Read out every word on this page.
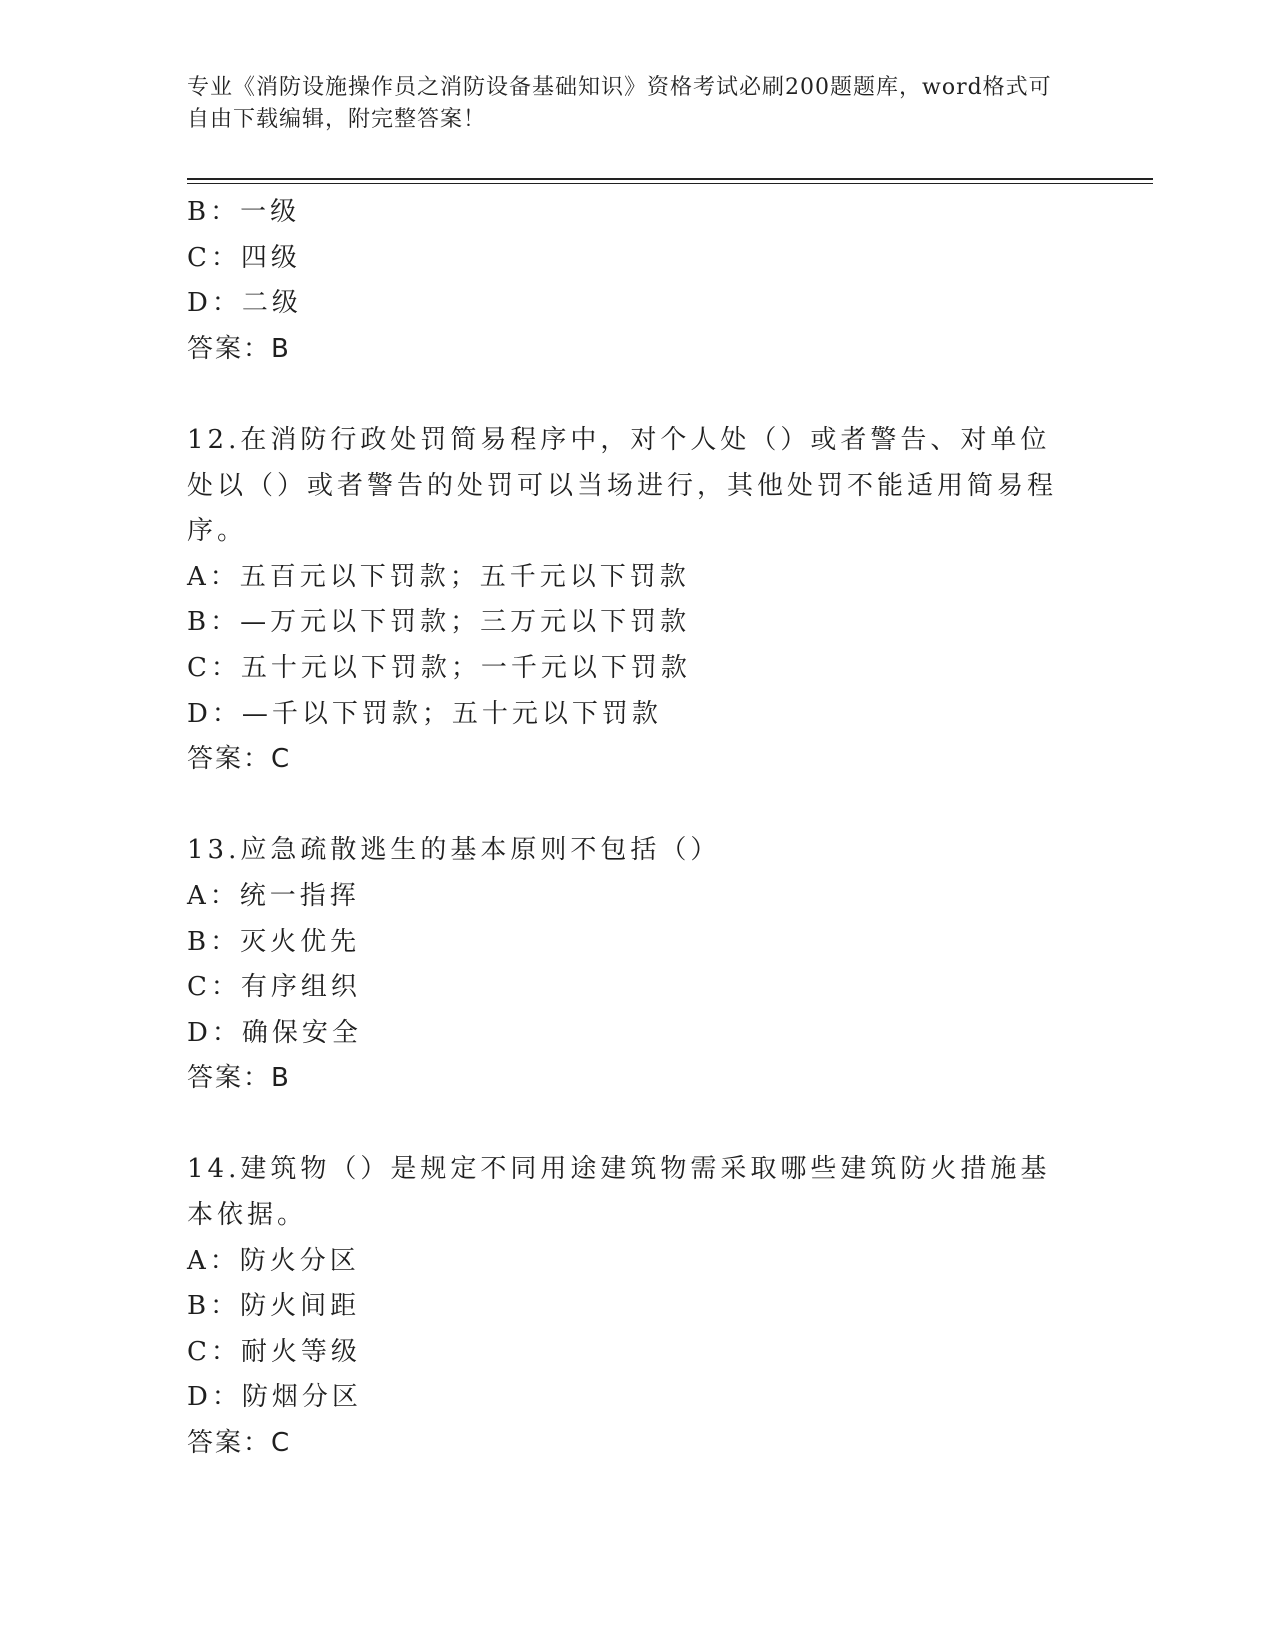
专业《消防设施操作员之消防设备基础知识》资格考试必刷200题题库，word格式可自由下载编辑，附完整答案！
B：一级
C：四级
D：二级
答案：B
12.在消防行政处罚简易程序中，对个人处（）或者警告、对单位处以（）或者警告的处罚可以当场进行，其他处罚不能适用简易程序。
A：五百元以下罚款；五千元以下罚款
B：—万元以下罚款；三万元以下罚款
C：五十元以下罚款；一千元以下罚款
D：—千以下罚款；五十元以下罚款
答案：C
13.应急疏散逃生的基本原则不包括（）
A：统一指挥
B：灭火优先
C：有序组织
D：确保安全
答案：B
14.建筑物（）是规定不同用途建筑物需采取哪些建筑防火措施基本依据。
A：防火分区
B：防火间距
C：耐火等级
D：防烟分区
答案：C
